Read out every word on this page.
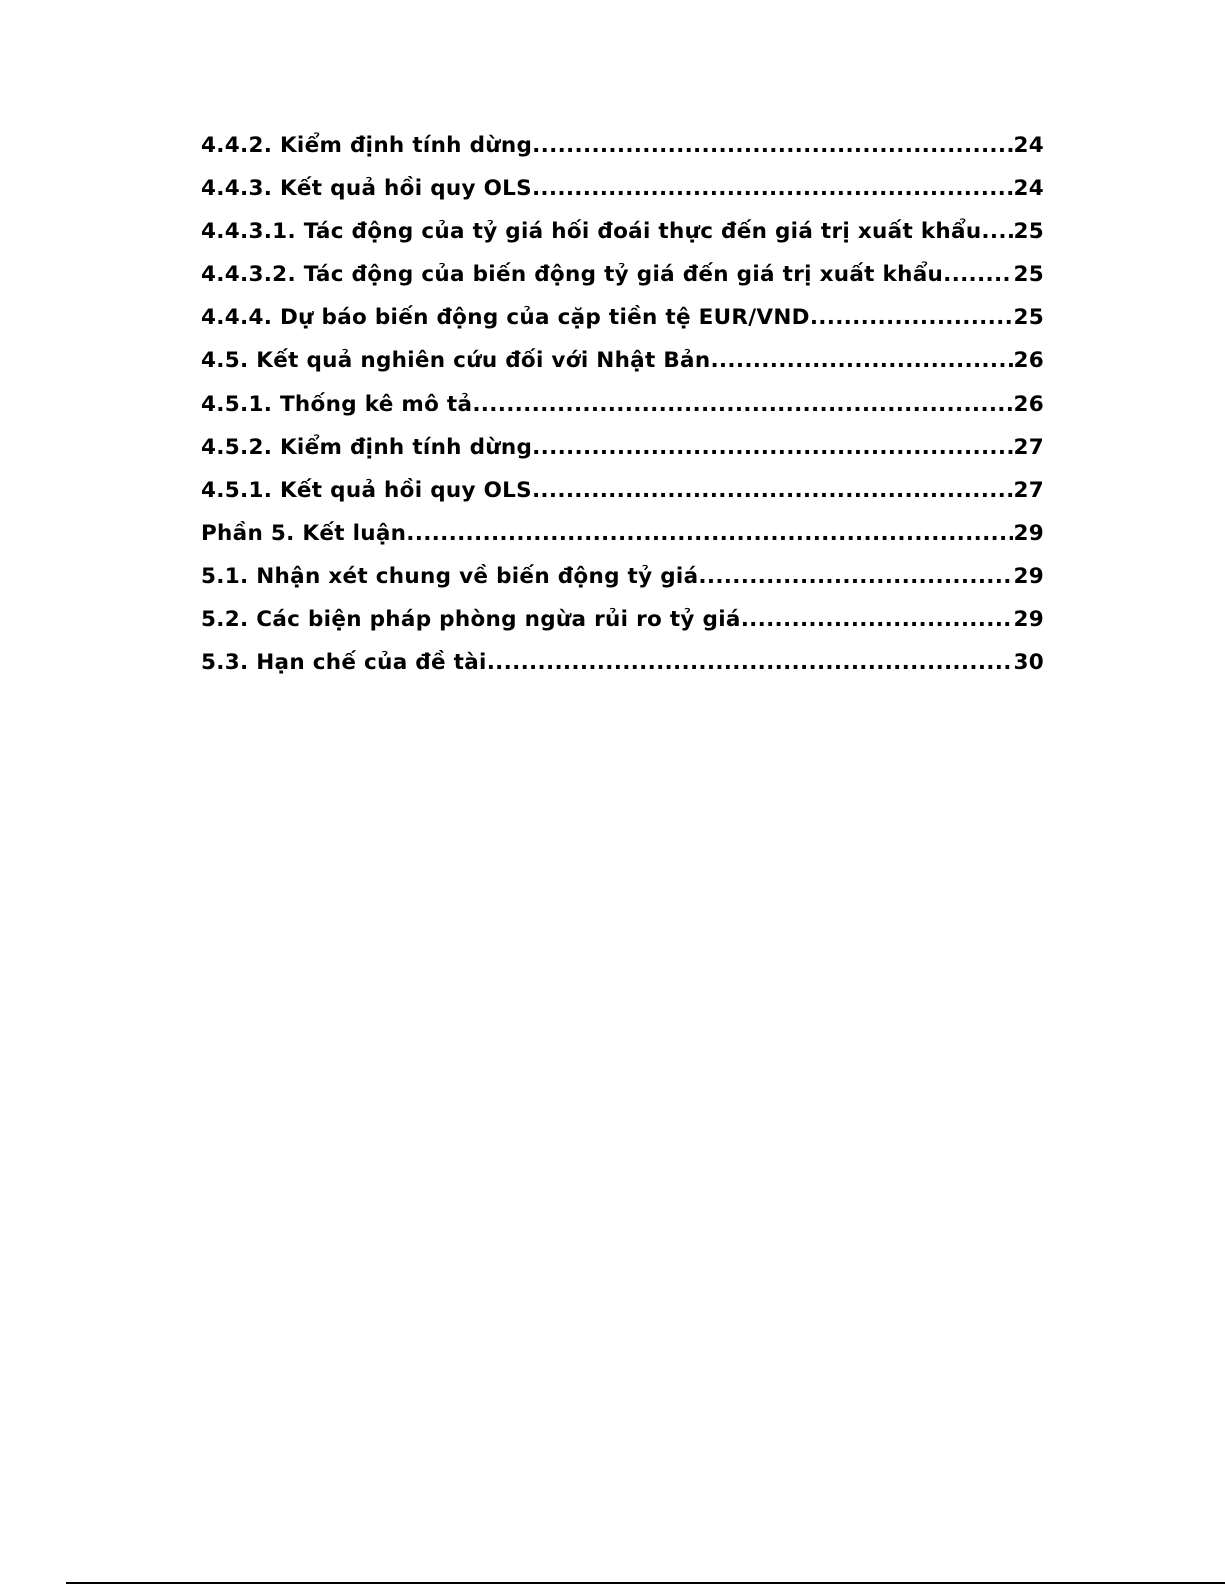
4.4.2. Kiểm định tính dừng .....	24
4.4.3. Kết quả hồi quy OLS .....	24
4.4.3.1. Tác động của tỷ giá hối đoái thực đến giá trị xuất khẩu. ..... 25
4.4.3.2. Tác động của biến động tỷ giá đến giá trị xuất khẩu .....	25
4.4.4. Dự báo biến động của cặp tiền tệ EUR/VND .....	25
4.5. Kết quả nghiên cứu đối với Nhật Bản .....	26
4.5.1. Thống kê mô tả .....	26
4.5.2. Kiểm định tính dừng .....	27
4.5.1. Kết quả hồi quy OLS .....	27
Phần 5. Kết luận .....	29
5.1. Nhận xét chung về biến động tỷ giá .....	29
5.2. Các biện pháp phòng ngừa rủi ro tỷ giá .....	29
5.3. Hạn chế của đề tài .....	30
